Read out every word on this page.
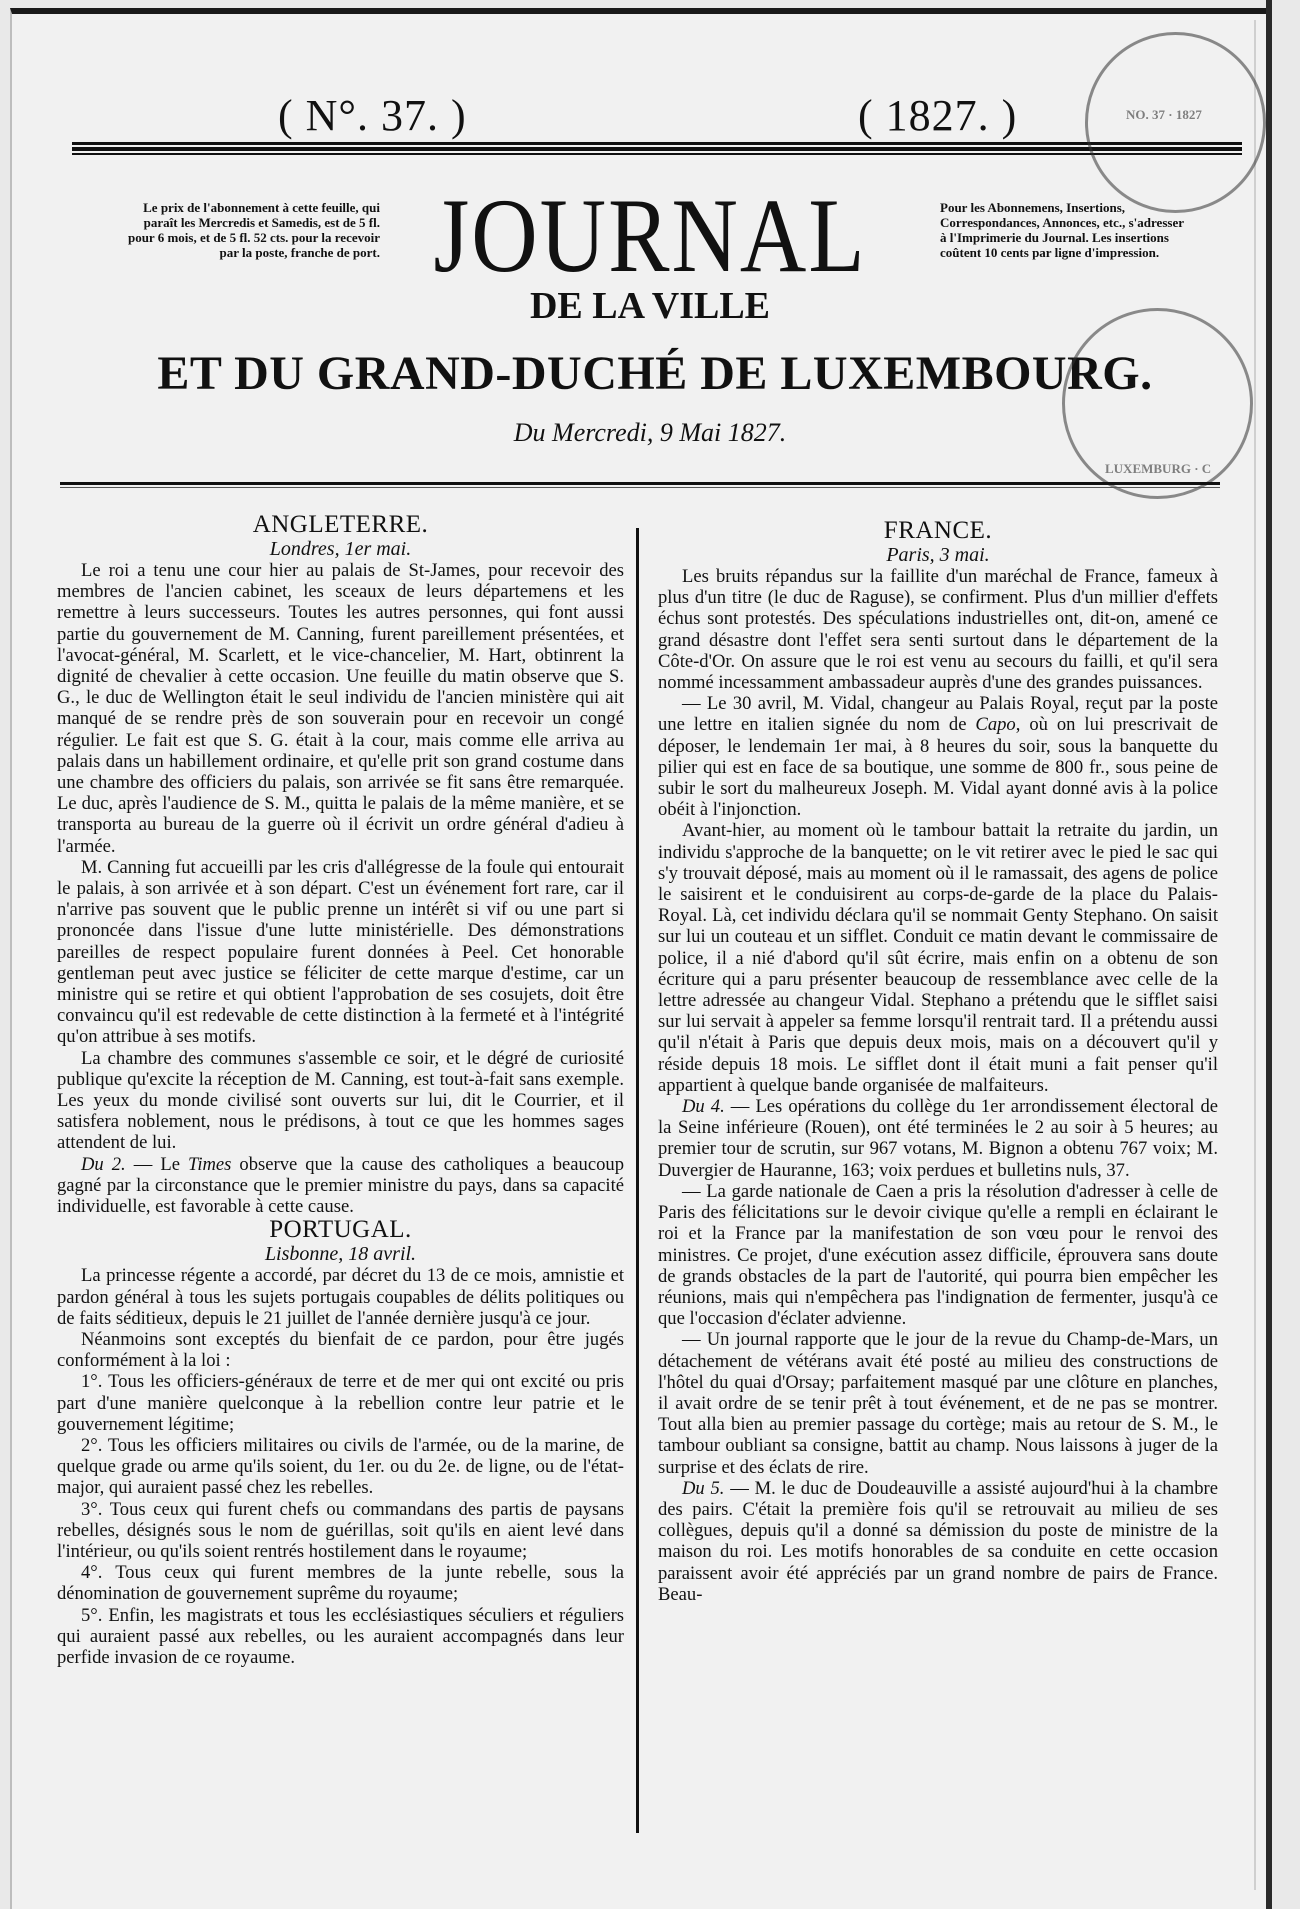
( N°. 37. )	( 1827. )	NO. 37 · 1827
Le prix de l'abonnement à cette feuille, qui paraît les Mercredis et Samedis, est de 5 fl. pour 6 mois, et de 5 fl. 52 cts. pour la recevoir par la poste, franche de port. JOURNAL	Pour les Abonnemens, Insertions, Correspondances, Annonces, etc., s'adresser à l'Imprimerie du Journal. Les insertions coûtent 10 cents par ligne d'impression.
DE LA VILLE
ET DU GRAND-DUCHÉ DE LUXEMBOURG.
LUXEMBURG · C
Du Mercredi, 9 Mai 1827.
ANGLETERRE.
Londres, 1er mai.

Le roi a tenu une cour hier au palais de St-James, pour recevoir des membres de l'ancien cabinet, les sceaux de leurs départemens et les remettre à leurs successeurs. Toutes les autres personnes, qui font aussi partie du gouvernement de M. Canning, furent pareillement présentées, et l'avocat-général, M. Scarlett, et le vice-chancelier, M. Hart, obtinrent la dignité de chevalier à cette occasion. Une feuille du matin observe que S. G., le duc de Wellington était le seul individu de l'ancien ministère qui ait manqué de se rendre près de son souverain pour en recevoir un congé régulier. Le fait est que S. G. était à la cour, mais comme elle arriva au palais dans un habillement ordinaire, et qu'elle prit son grand costume dans une chambre des officiers du palais, son arrivée se fit sans être remarquée. Le duc, après l'audience de S. M., quitta le palais de la même manière, et se transporta au bureau de la guerre où il écrivit un ordre général d'adieu à l'armée.

M. Canning fut accueilli par les cris d'allégresse de la foule qui entourait le palais, à son arrivée et à son départ. C'est un événement fort rare, car il n'arrive pas souvent que le public prenne un intérêt si vif ou une part si prononcée dans l'issue d'une lutte ministérielle. Des démonstrations pareilles de respect populaire furent données à Peel. Cet honorable gentleman peut avec justice se féliciter de cette marque d'estime, car un ministre qui se retire et qui obtient l'approbation de ses cosujets, doit être convaincu qu'il est redevable de cette distinction à la fermeté et à l'intégrité qu'on attribue à ses motifs.

La chambre des communes s'assemble ce soir, et le dégré de curiosité publique qu'excite la réception de M. Canning, est tout-à-fait sans exemple. Les yeux du monde civilisé sont ouverts sur lui, dit le Courrier, et il satisfera noblement, nous le prédisons, à tout ce que les hommes sages attendent de lui.

Du 2. — Le Times observe que la cause des catholiques a beaucoup gagné par la circonstance que le premier ministre du pays, dans sa capacité individuelle, est favorable à cette cause.

PORTUGAL.
Lisbonne, 18 avril.

La princesse régente a accordé, par décret du 13 de ce mois, amnistie et pardon général à tous les sujets portugais coupables de délits politiques ou de faits séditieux, depuis le 21 juillet de l'année dernière jusqu'à ce jour.

Néanmoins sont exceptés du bienfait de ce pardon, pour être jugés conformément à la loi :

1°. Tous les officiers-généraux de terre et de mer qui ont excité ou pris part d'une manière quelconque à la rebellion contre leur patrie et le gouvernement légitime;

2°. Tous les officiers militaires ou civils de l'armée, ou de la marine, de quelque grade ou arme qu'ils soient, du 1er. ou du 2e. de ligne, ou de l'état-major, qui auraient passé chez les rebelles.

3°. Tous ceux qui furent chefs ou commandans des partis de paysans rebelles, désignés sous le nom de guérillas, soit qu'ils en aient levé dans l'intérieur, ou qu'ils soient rentrés hostilement dans le royaume;

4°. Tous ceux qui furent membres de la junte rebelle, sous la dénomination de gouvernement suprême du royaume;

5°. Enfin, les magistrats et tous les ecclésiastiques séculiers et réguliers qui auraient passé aux rebelles, ou les auraient accompagnés dans leur perfide invasion de ce royaume.

FRANCE.
Paris, 3 mai.

Les bruits répandus sur la faillite d'un maréchal de France, fameux à plus d'un titre (le duc de Raguse), se confirment. Plus d'un millier d'effets échus sont protestés. Des spéculations industrielles ont, dit-on, amené ce grand désastre dont l'effet sera senti surtout dans le département de la Côte-d'Or. On assure que le roi est venu au secours du failli, et qu'il sera nommé incessamment ambassadeur auprès d'une des grandes puissances.

— Le 30 avril, M. Vidal, changeur au Palais Royal, reçut par la poste une lettre en italien signée du nom de Capo, où on lui prescrivait de déposer, le lendemain 1er mai, à 8 heures du soir, sous la banquette du pilier qui est en face de sa boutique, une somme de 800 fr., sous peine de subir le sort du malheureux Joseph. M. Vidal ayant donné avis à la police obéit à l'injonction.

Avant-hier, au moment où le tambour battait la retraite du jardin, un individu s'approche de la banquette; on le vit retirer avec le pied le sac qui s'y trouvait déposé, mais au moment où il le ramassait, des agens de police le saisirent et le conduisirent au corps-de-garde de la place du Palais-Royal. Là, cet individu déclara qu'il se nommait Genty Stephano. On saisit sur lui un couteau et un sifflet. Conduit ce matin devant le commissaire de police, il a nié d'abord qu'il sût écrire, mais enfin on a obtenu de son écriture qui a paru présenter beaucoup de ressemblance avec celle de la lettre adressée au changeur Vidal. Stephano a prétendu que le sifflet saisi sur lui servait à appeler sa femme lorsqu'il rentrait tard. Il a prétendu aussi qu'il n'était à Paris que depuis deux mois, mais on a découvert qu'il y réside depuis 18 mois. Le sifflet dont il était muni a fait penser qu'il appartient à quelque bande organisée de malfaiteurs.

Du 4. — Les opérations du collège du 1er arrondissement électoral de la Seine inférieure (Rouen), ont été terminées le 2 au soir à 5 heures; au premier tour de scrutin, sur 967 votans, M. Bignon a obtenu 767 voix; M. Duvergier de Hauranne, 163; voix perdues et bulletins nuls, 37.

— La garde nationale de Caen a pris la résolution d'adresser à celle de Paris des félicitations sur le devoir civique qu'elle a rempli en éclairant le roi et la France par la manifestation de son vœu pour le renvoi des ministres. Ce projet, d'une exécution assez difficile, éprouvera sans doute de grands obstacles de la part de l'autorité, qui pourra bien empêcher les réunions, mais qui n'empêchera pas l'indignation de fermenter, jusqu'à ce que l'occasion d'éclater advienne.

— Un journal rapporte que le jour de la revue du Champ-de-Mars, un détachement de vétérans avait été posté au milieu des constructions de l'hôtel du quai d'Orsay; parfaitement masqué par une clôture en planches, il avait ordre de se tenir prêt à tout événement, et de ne pas se montrer. Tout alla bien au premier passage du cortège; mais au retour de S. M., le tambour oubliant sa consigne, battit au champ. Nous laissons à juger de la surprise et des éclats de rire.

Du 5. — M. le duc de Doudeauville a assisté aujourd'hui à la chambre des pairs. C'était la première fois qu'il se retrouvait au milieu de ses collègues, depuis qu'il a donné sa démission du poste de ministre de la maison du roi. Les motifs honorables de sa conduite en cette occasion paraissent avoir été appréciés par un grand nombre de pairs de France. Beau-
